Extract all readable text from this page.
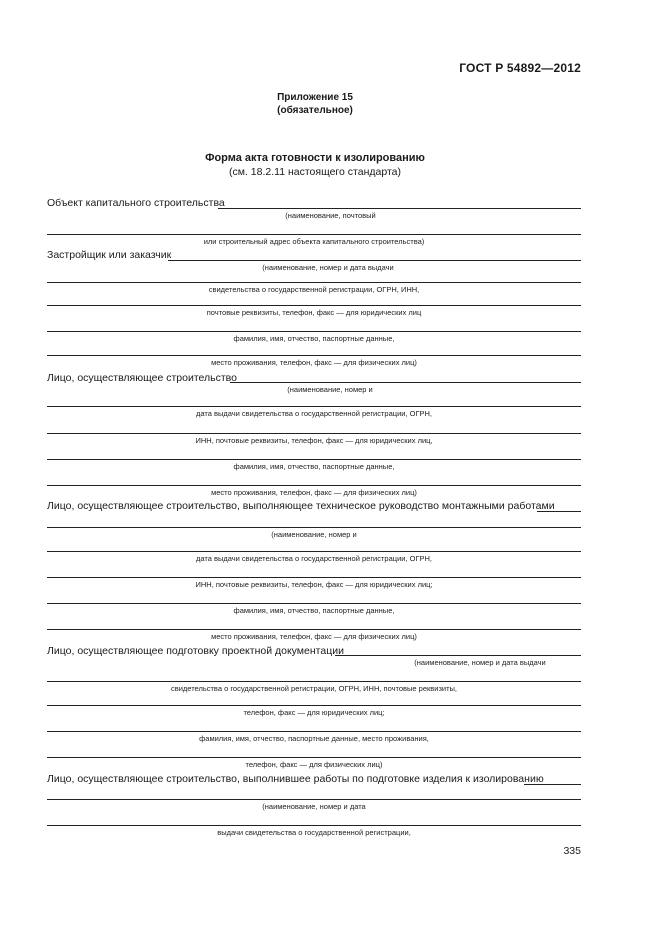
ГОСТ Р 54892—2012
Приложение 15
(обязательное)
Форма акта готовности к изолированию
(см. 18.2.11 настоящего стандарта)
Объект капитального строительства
(наименование, почтовый
или строительный адрес объекта капитального строительства)
Застройщик или заказчик
(наименование, номер и дата выдачи
свидетельства о государственной регистрации, ОГРН, ИНН,
почтовые реквизиты, телефон, факс — для юридических лиц
фамилия, имя, отчество, паспортные данные,
место проживания, телефон, факс — для физических лиц)
Лицо, осуществляющее строительство
(наименование, номер и
дата выдачи свидетельства о государственной регистрации, ОГРН,
ИНН, почтовые реквизиты, телефон, факс — для юридических лиц,
фамилия, имя, отчество, паспортные данные,
место проживания, телефон, факс — для физических лиц)
Лицо, осуществляющее строительство, выполняющее техническое руководство монтажными работами
(наименование, номер и
дата выдачи свидетельства о государственной регистрации, ОГРН,
ИНН, почтовые реквизиты, телефон, факс — для юридических лиц;
фамилия, имя, отчество, паспортные данные,
место проживания, телефон, факс — для физических лиц)
Лицо, осуществляющее подготовку проектной документации
(наименование, номер и дата выдачи
свидетельства о государственной регистрации, ОГРН, ИНН, почтовые реквизиты,
телефон, факс — для юридических лиц;
фамилия, имя, отчество, паспортные данные, место проживания,
телефон, факс — для физических лиц)
Лицо, осуществляющее строительство, выполнившее работы по подготовке изделия к изолированию
(наименование, номер и дата
выдачи свидетельства о государственной регистрации,
335
